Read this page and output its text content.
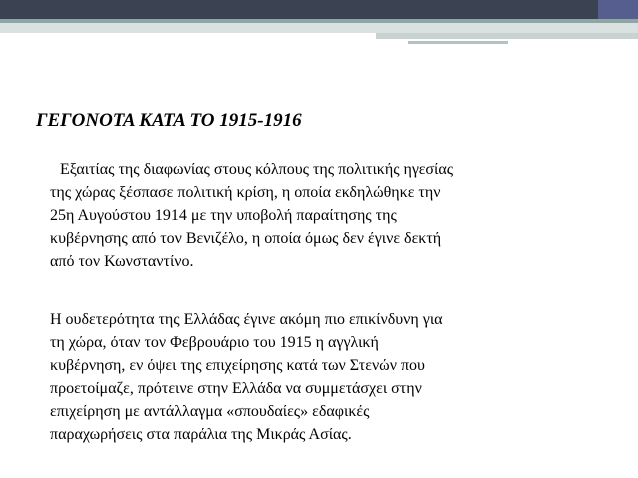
ΓΕΓΟΝΟΤΑ ΚΑΤΑ ΤΟ 1915-1916
Εξαιτίας της διαφωνίας στους κόλπους της πολιτικής ηγεσίας
της χώρας ξέσπασε πολιτική κρίση, η οποία εκδηλώθηκε την
25η Αυγούστου 1914 με την υποβολή παραίτησης της
κυβέρνησης από τον Βενιζέλο, η οποία όμως δεν έγινε δεκτή
από τον Κωνσταντίνο.
Η ουδετερότητα της Ελλάδας έγινε ακόμη πιο επικίνδυνη για
τη χώρα, όταν τον Φεβρουάριο του 1915 η αγγλική
κυβέρνηση, εν όψει της επιχείρησης κατά των Στενών που
προετοίμαζε, πρότεινε στην Ελλάδα να συμμετάσχει στην
επιχείρηση με αντάλλαγμα «σπουδαίες» εδαφικές
παραχωρήσεις στα παράλια της Μικράς Ασίας.
